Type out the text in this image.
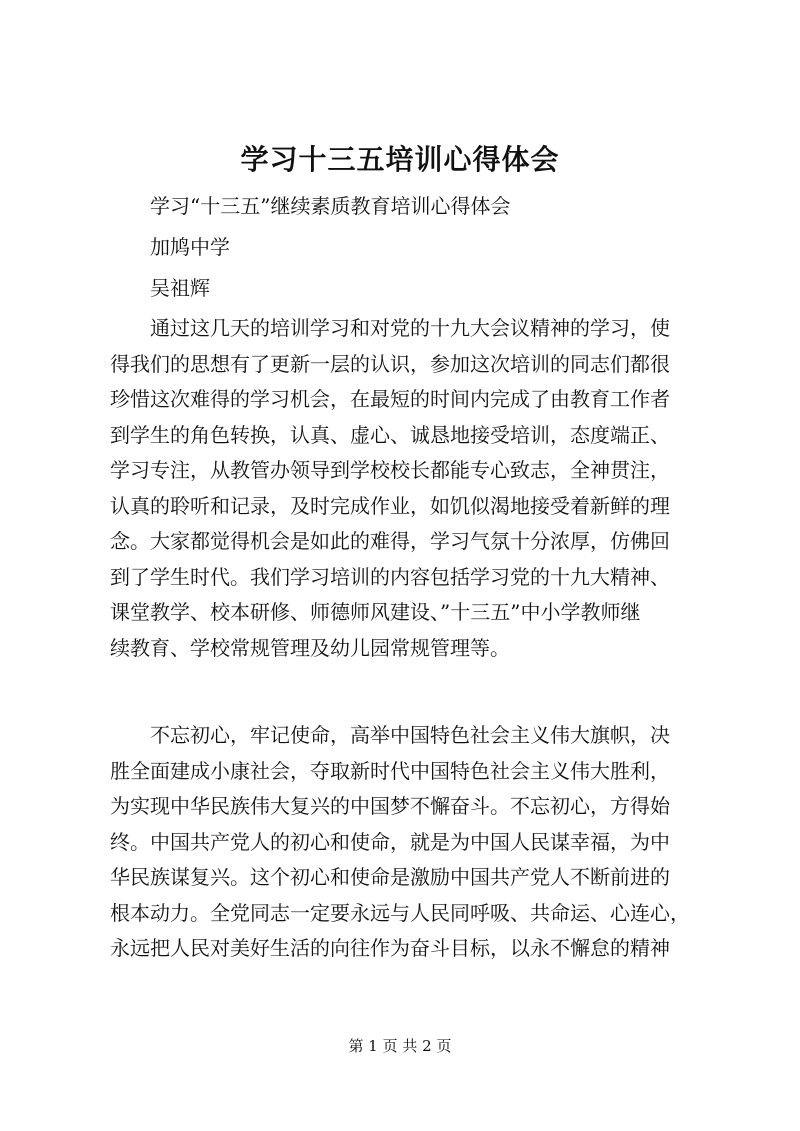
学习十三五培训心得体会
学习“十三五”继续素质教育培训心得体会
加鸠中学
吴祖辉
通过这几天的培训学习和对党的十九大会议精神的学习，使
得我们的思想有了更新一层的认识，参加这次培训的同志们都很
珍惜这次难得的学习机会，在最短的时间内完成了由教育工作者
到学生的角色转换，认真、虚心、诚恳地接受培训，态度端正、
学习专注，从教管办领导到学校校长都能专心致志，全神贯注，
认真的聆听和记录，及时完成作业，如饥似渴地接受着新鲜的理
念。大家都觉得机会是如此的难得，学习气氛十分浓厚，仿佛回
到了学生时代。我们学习培训的内容包括学习党的十九大精神、
课堂教学、校本研修、师德师风建设、”十三五”中小学教师继
续教育、学校常规管理及幼儿园常规管理等。
不忘初心，牢记使命，高举中国特色社会主义伟大旗帜，决
胜全面建成小康社会，夺取新时代中国特色社会主义伟大胜利，
为实现中华民族伟大复兴的中国梦不懈奋斗。不忘初心，方得始
终。中国共产党人的初心和使命，就是为中国人民谋幸福，为中
华民族谋复兴。这个初心和使命是激励中国共产党人不断前进的
根本动力。全党同志一定要永远与人民同呼吸、共命运、心连心，
永远把人民对美好生活的向往作为奋斗目标，以永不懈怠的精神
第 1 页 共 2 页
